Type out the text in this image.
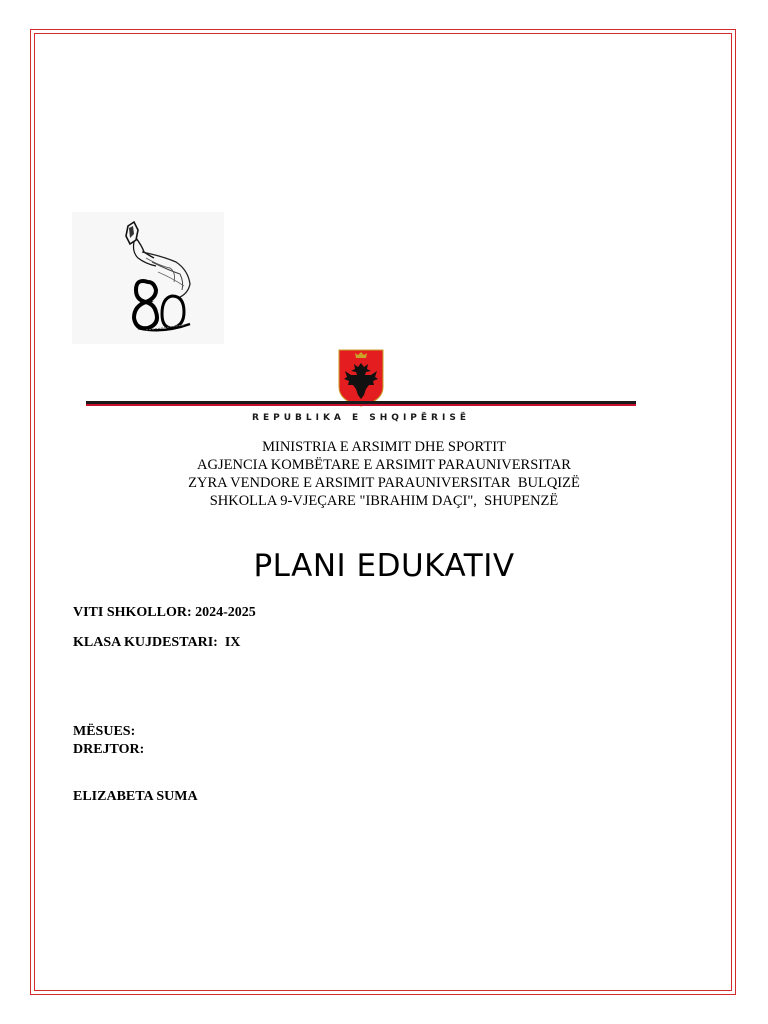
REPUBLIKA E SHQIPËRISË
MINISTRIA E ARSIMIT DHE SPORTIT
AGJENCIA KOMBËTARE E ARSIMIT PARAUNIVERSITAR
ZYRA VENDORE E ARSIMIT PARAUNIVERSITAR  BULQIZË
SHKOLLA 9-VJEÇARE "IBRAHIM DAÇI",  SHUPENZË
PLANI EDUKATIV
VITI SHKOLLOR: 2024-2025
KLASA KUJDESTARI:  IX
MËSUES:
DREJTOR:
ELIZABETA SUMA
